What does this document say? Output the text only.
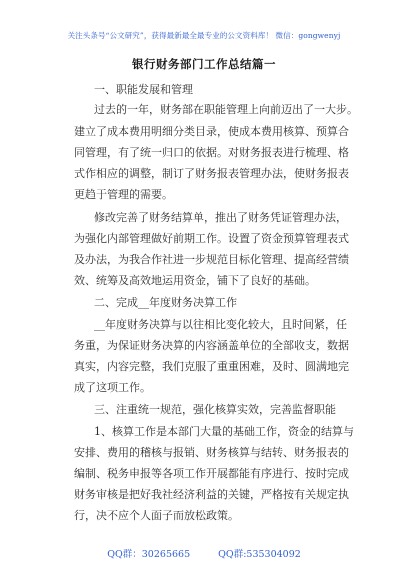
关注头条号“公文研究”，获得最新最全最专业的公文资料库！ 微信：gongwenyj
银行财务部门工作总结篇一
一、职能发展和管理
过去的一年，财务部在职能管理上向前迈出了一大步。
建立了成本费用明细分类目录，使成本费用核算、预算合
同管理，有了统一归口的依据。对财务报表进行梳理、格
式作相应的调整，制订了财务报表管理办法，使财务报表
更趋于管理的需要。
修改完善了财务结算单，推出了财务凭证管理办法，
为强化内部管理做好前期工作。设置了资金预算管理表式
及办法，为我合作社进一步规范目标化管理、提高经营绩
效、统筹及高效地运用资金，铺下了良好的基础。
二、完成__年度财务决算工作
__年度财务决算与以往相比变化较大，且时间紧，任
务重，为保证财务决算的内容涵盖单位的全部收支，数据
真实，内容完整，我们克服了重重困难，及时、圆满地完
成了这项工作。
三、注重统一规范，强化核算实效，完善监督职能
1、核算工作是本部门大量的基础工作，资金的结算与
安排、费用的稽核与报销、财务核算与结转、财务报表的
编制、税务申报等各项工作开展都能有序进行、按时完成
财务审核是把好我社经济利益的关键，严格按有关规定执
行，决不应个人面子而放松政策。
QQ群：30265665	QQ群:535304092
